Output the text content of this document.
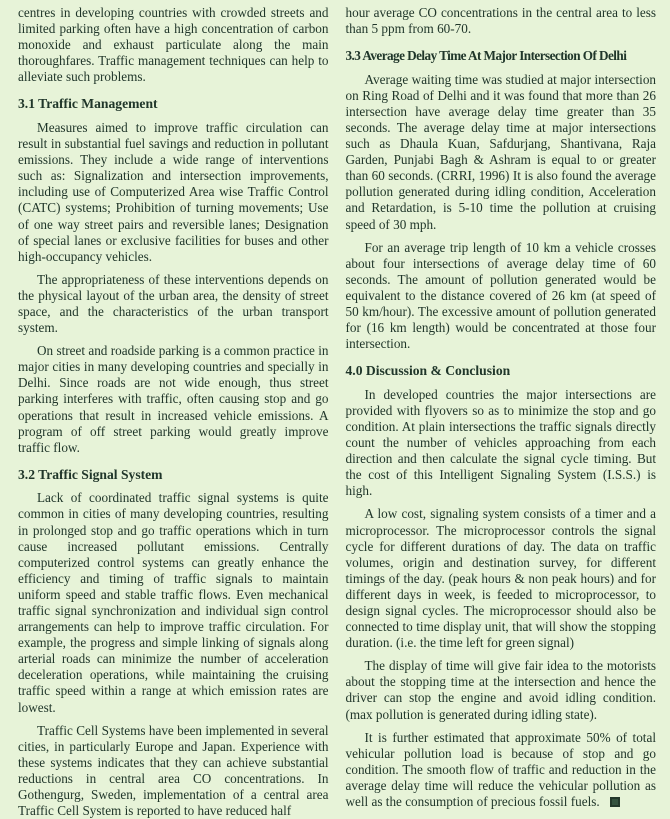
centres in developing countries with crowded streets and limited parking often have a high concentration of carbon monoxide and exhaust particulate along the main thoroughfares. Traffic management techniques can help to alleviate such problems.

3.1 Traffic Management

Measures aimed to improve traffic circulation can result in substantial fuel savings and reduction in pollutant emissions. They include a wide range of interventions such as: Signalization and intersection improvements, including use of Computerized Area wise Traffic Control (CATC) systems; Prohibition of turning movements; Use of one way street pairs and reversible lanes; Designation of special lanes or exclusive facilities for buses and other high-occupancy vehicles.

The appropriateness of these interventions depends on the physical layout of the urban area, the density of street space, and the characteristics of the urban transport system.

On street and roadside parking is a common practice in major cities in many developing countries and specially in Delhi. Since roads are not wide enough, thus street parking interferes with traffic, often causing stop and go operations that result in increased vehicle emissions. A program of off street parking would greatly improve traffic flow.

3.2 Traffic Signal System

Lack of coordinated traffic signal systems is quite common in cities of many developing countries, resulting in prolonged stop and go traffic operations which in turn cause increased pollutant emissions. Centrally computerized control systems can greatly enhance the efficiency and timing of traffic signals to maintain uniform speed and stable traffic flows. Even mechanical traffic signal synchronization and individual sign control arrangements can help to improve traffic circulation. For example, the progress and simple linking of signals along arterial roads can minimize the number of acceleration deceleration operations, while maintaining the cruising traffic speed within a range at which emission rates are lowest.

Traffic Cell Systems have been implemented in several cities, in particularly Europe and Japan. Experience with these systems indicates that they can achieve substantial reductions in central area CO concentrations. In Gothengurg, Sweden, implementation of a central area Traffic Cell System is reported to have reduced half

hour average CO concentrations in the central area to less than 5 ppm from 60-70.

3.3 Average Delay Time At Major Intersection Of Delhi

Average waiting time was studied at major intersection on Ring Road of Delhi and it was found that more than 26 intersection have average delay time greater than 35 seconds. The average delay time at major intersections such as Dhaula Kuan, Safdurjang, Shantivana, Raja Garden, Punjabi Bagh & Ashram is equal to or greater than 60 seconds. (CRRI, 1996) It is also found the average pollution generated during idling condition, Acceleration and Retardation, is 5-10 time the pollution at cruising speed of 30 mph.

For an average trip length of 10 km a vehicle crosses about four intersections of average delay time of 60 seconds. The amount of pollution generated would be equivalent to the distance covered of 26 km (at speed of 50 km/hour). The excessive amount of pollution generated for (16 km length) would be concentrated at those four intersection.

4.0 Discussion & Conclusion

In developed countries the major intersections are provided with flyovers so as to minimize the stop and go condition. At plain intersections the traffic signals directly count the number of vehicles approaching from each direction and then calculate the signal cycle timing. But the cost of this Intelligent Signaling System (I.S.S.) is high.

A low cost, signaling system consists of a timer and a microprocessor. The microprocessor controls the signal cycle for different durations of day. The data on traffic volumes, origin and destination survey, for different timings of the day. (peak hours & non peak hours) and for different days in week, is feeded to microprocessor, to design signal cycles. The microprocessor should also be connected to time display unit, that will show the stopping duration. (i.e. the time left for green signal)

The display of time will give fair idea to the motorists about the stopping time at the intersection and hence the driver can stop the engine and avoid idling condition. (max pollution is generated during idling state).

It is further estimated that approximate 50% of total vehicular pollution load is because of stop and go condition. The smooth flow of traffic and reduction in the average delay time will reduce the vehicular pollution as well as the consumption of precious fossil fuels.
